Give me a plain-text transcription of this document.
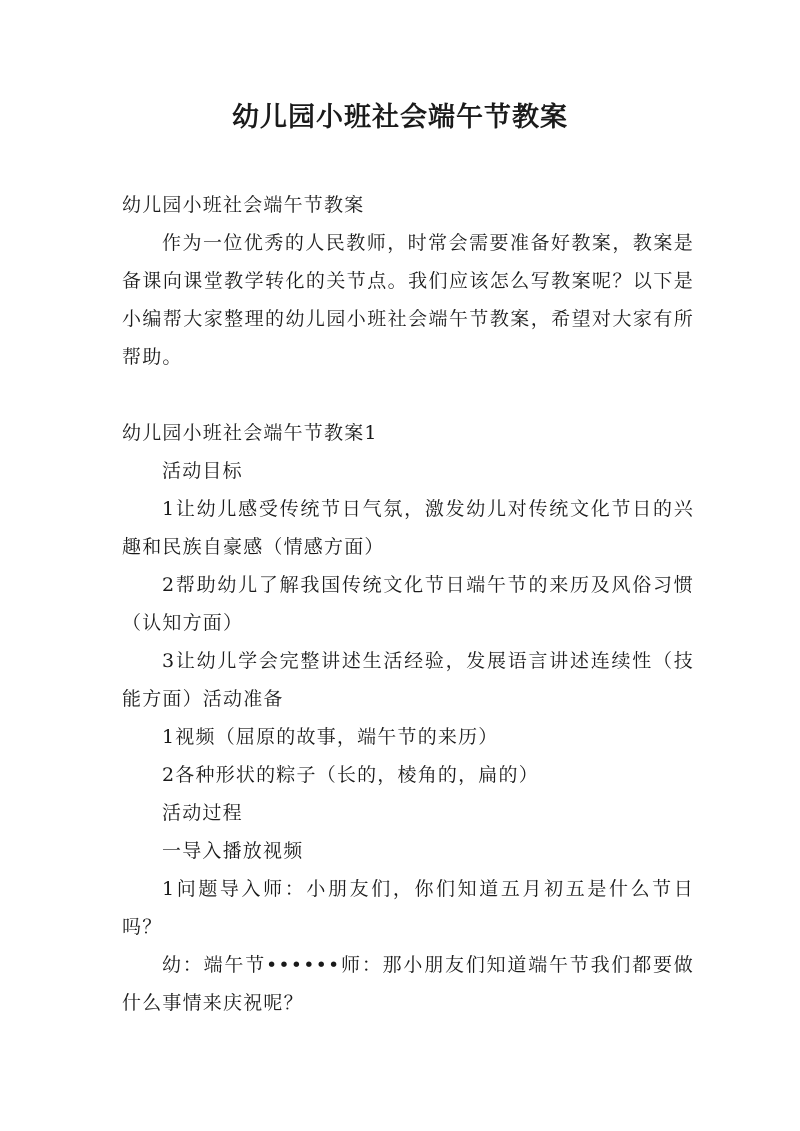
幼儿园小班社会端午节教案

幼儿园小班社会端午节教案

作为一位优秀的人民教师，时常会需要准备好教案，教案是备课向课堂教学转化的关节点。我们应该怎么写教案呢？以下是小编帮大家整理的幼儿园小班社会端午节教案，希望对大家有所帮助。

幼儿园小班社会端午节教案1

活动目标

1让幼儿感受传统节日气氛，激发幼儿对传统文化节日的兴趣和民族自豪感（情感方面）

2帮助幼儿了解我国传统文化节日端午节的来历及风俗习惯（认知方面）

3让幼儿学会完整讲述生活经验，发展语言讲述连续性（技能方面）活动准备

1视频（屈原的故事，端午节的来历）

2各种形状的粽子（长的，棱角的，扁的）

活动过程

一导入播放视频

1问题导入师：小朋友们，你们知道五月初五是什么节日吗？

幼：端午节••••••师：那小朋友们知道端午节我们都要做什么事情来庆祝呢？
